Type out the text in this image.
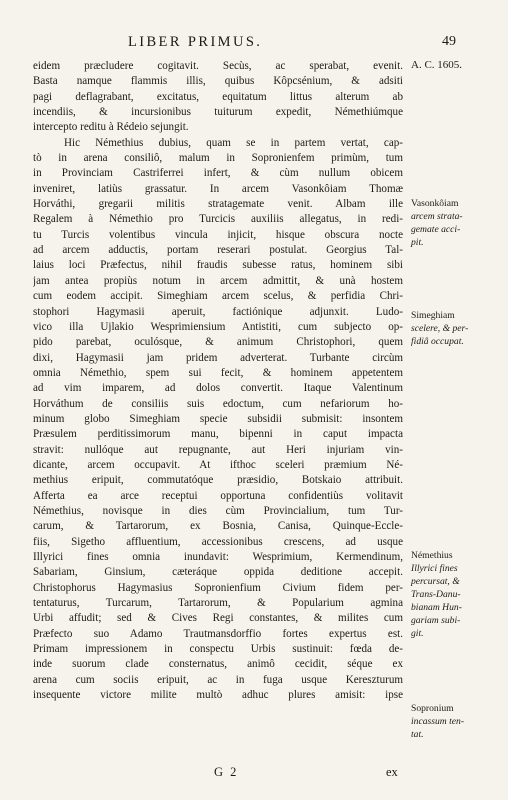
LIBER PRIMUS.	49
eidem præcludere cogitavit. Secùs, ac sperabat, evenit.
Basta namque flammis illis, quibus Kôpcsénium, & adsiti
pagi deflagrabant, excitatus, equitatum littus alterum ab
incendiis, & incursionibus tuiturum expedit, Némethiúmque
intercepto reditu à Rédeio sejungit.
Hic Némethius dubius, quam se in partem vertat, cap-
tò in arena consiliô, malum in Sopronienfem primùm, tum
in Provinciam Castriferrei infert, & cùm nullum obicem
inveniret, latiùs grassatur. In arcem Vasonkôiam Thomæ
Horváthi, gregarii militis stratagemate venit. Albam ille
Regalem à Némethio pro Turcicis auxiliis allegatus, in redi-
tu Turcis volentibus vincula injicit, hisque obscura nocte
ad arcem adductis, portam reserari postulat. Georgius Tal-
laius loci Præfectus, nihil fraudis subesse ratus, hominem sibi
jam antea propiùs notum in arcem admittit, & unà hostem
cum eodem accipit. Simeghiam arcem scelus, & perfidia Chri-
stophori Hagymasii aperuit, factiónique adjunxit. Ludo-
vico illa Ujlakio Wesprimiensium Antistiti, cum subjecto op-
pido parebat, oculósque, & animum Christophori, quem
dixi, Hagymasii jam pridem adverterat. Turbante circùm
omnia Némethio, spem sui fecit, & hominem appetentem
ad vim imparem, ad dolos convertit. Itaque Valentinum
Horváthum de consiliis suis edoctum, cum nefariorum ho-
minum globo Simeghiam specie subsidii submisit: insontem
Præsulem perditissimorum manu, bipenni in caput impacta
stravit: nullóque aut repugnante, aut Heri injuriam vin-
dicante, arcem occupavit. At ifthoc sceleri præmium Né-
methius eripuit, commutatóque præsidio, Botskaio attribuit.
Afferta ea arce receptui opportuna confidentiùs volitavit
Némethius, novisque in dies cùm Provincialium, tum Tur-
carum, & Tartarorum, ex Bosnia, Canisa, Quinque-Eccle-
fiis, Sigetho affluentium, accessionibus crescens, ad usque
Illyrici fines omnia inundavit: Wesprimium, Kermendinum,
Sabariam, Ginsium, cæteráque oppida deditione accepit.
Christophorus Hagymasius Sopronienfium Civium fidem per-
tentaturus, Turcarum, Tartarorum, & Popularium agmina
Urbi affudit; sed & Cives Regi constantes, & milites cum
Præfecto suo Adamo Trautmansdorffio fortes expertus est.
Primam impressionem in conspectu Urbis sustinuit: fœda de-
inde suorum clade consternatus, animô cecidit, séque ex
arena cum sociis eripuit, ac in fuga usque Kereszturum
insequente victore milite multò adhuc plures amisit: ipse
A. C. 1605.
Vasonkôiam
arcem strata-
gemate acci-
pit.
Simeghiam
scelere, & per-
fidiâ occupat.
Némethius
Illyrici fines
percursat, &
Trans-Danu-
bianam Hun-
gariam subi-
git.
Sopronium
incassum ten-
tat.
G 2	ex
